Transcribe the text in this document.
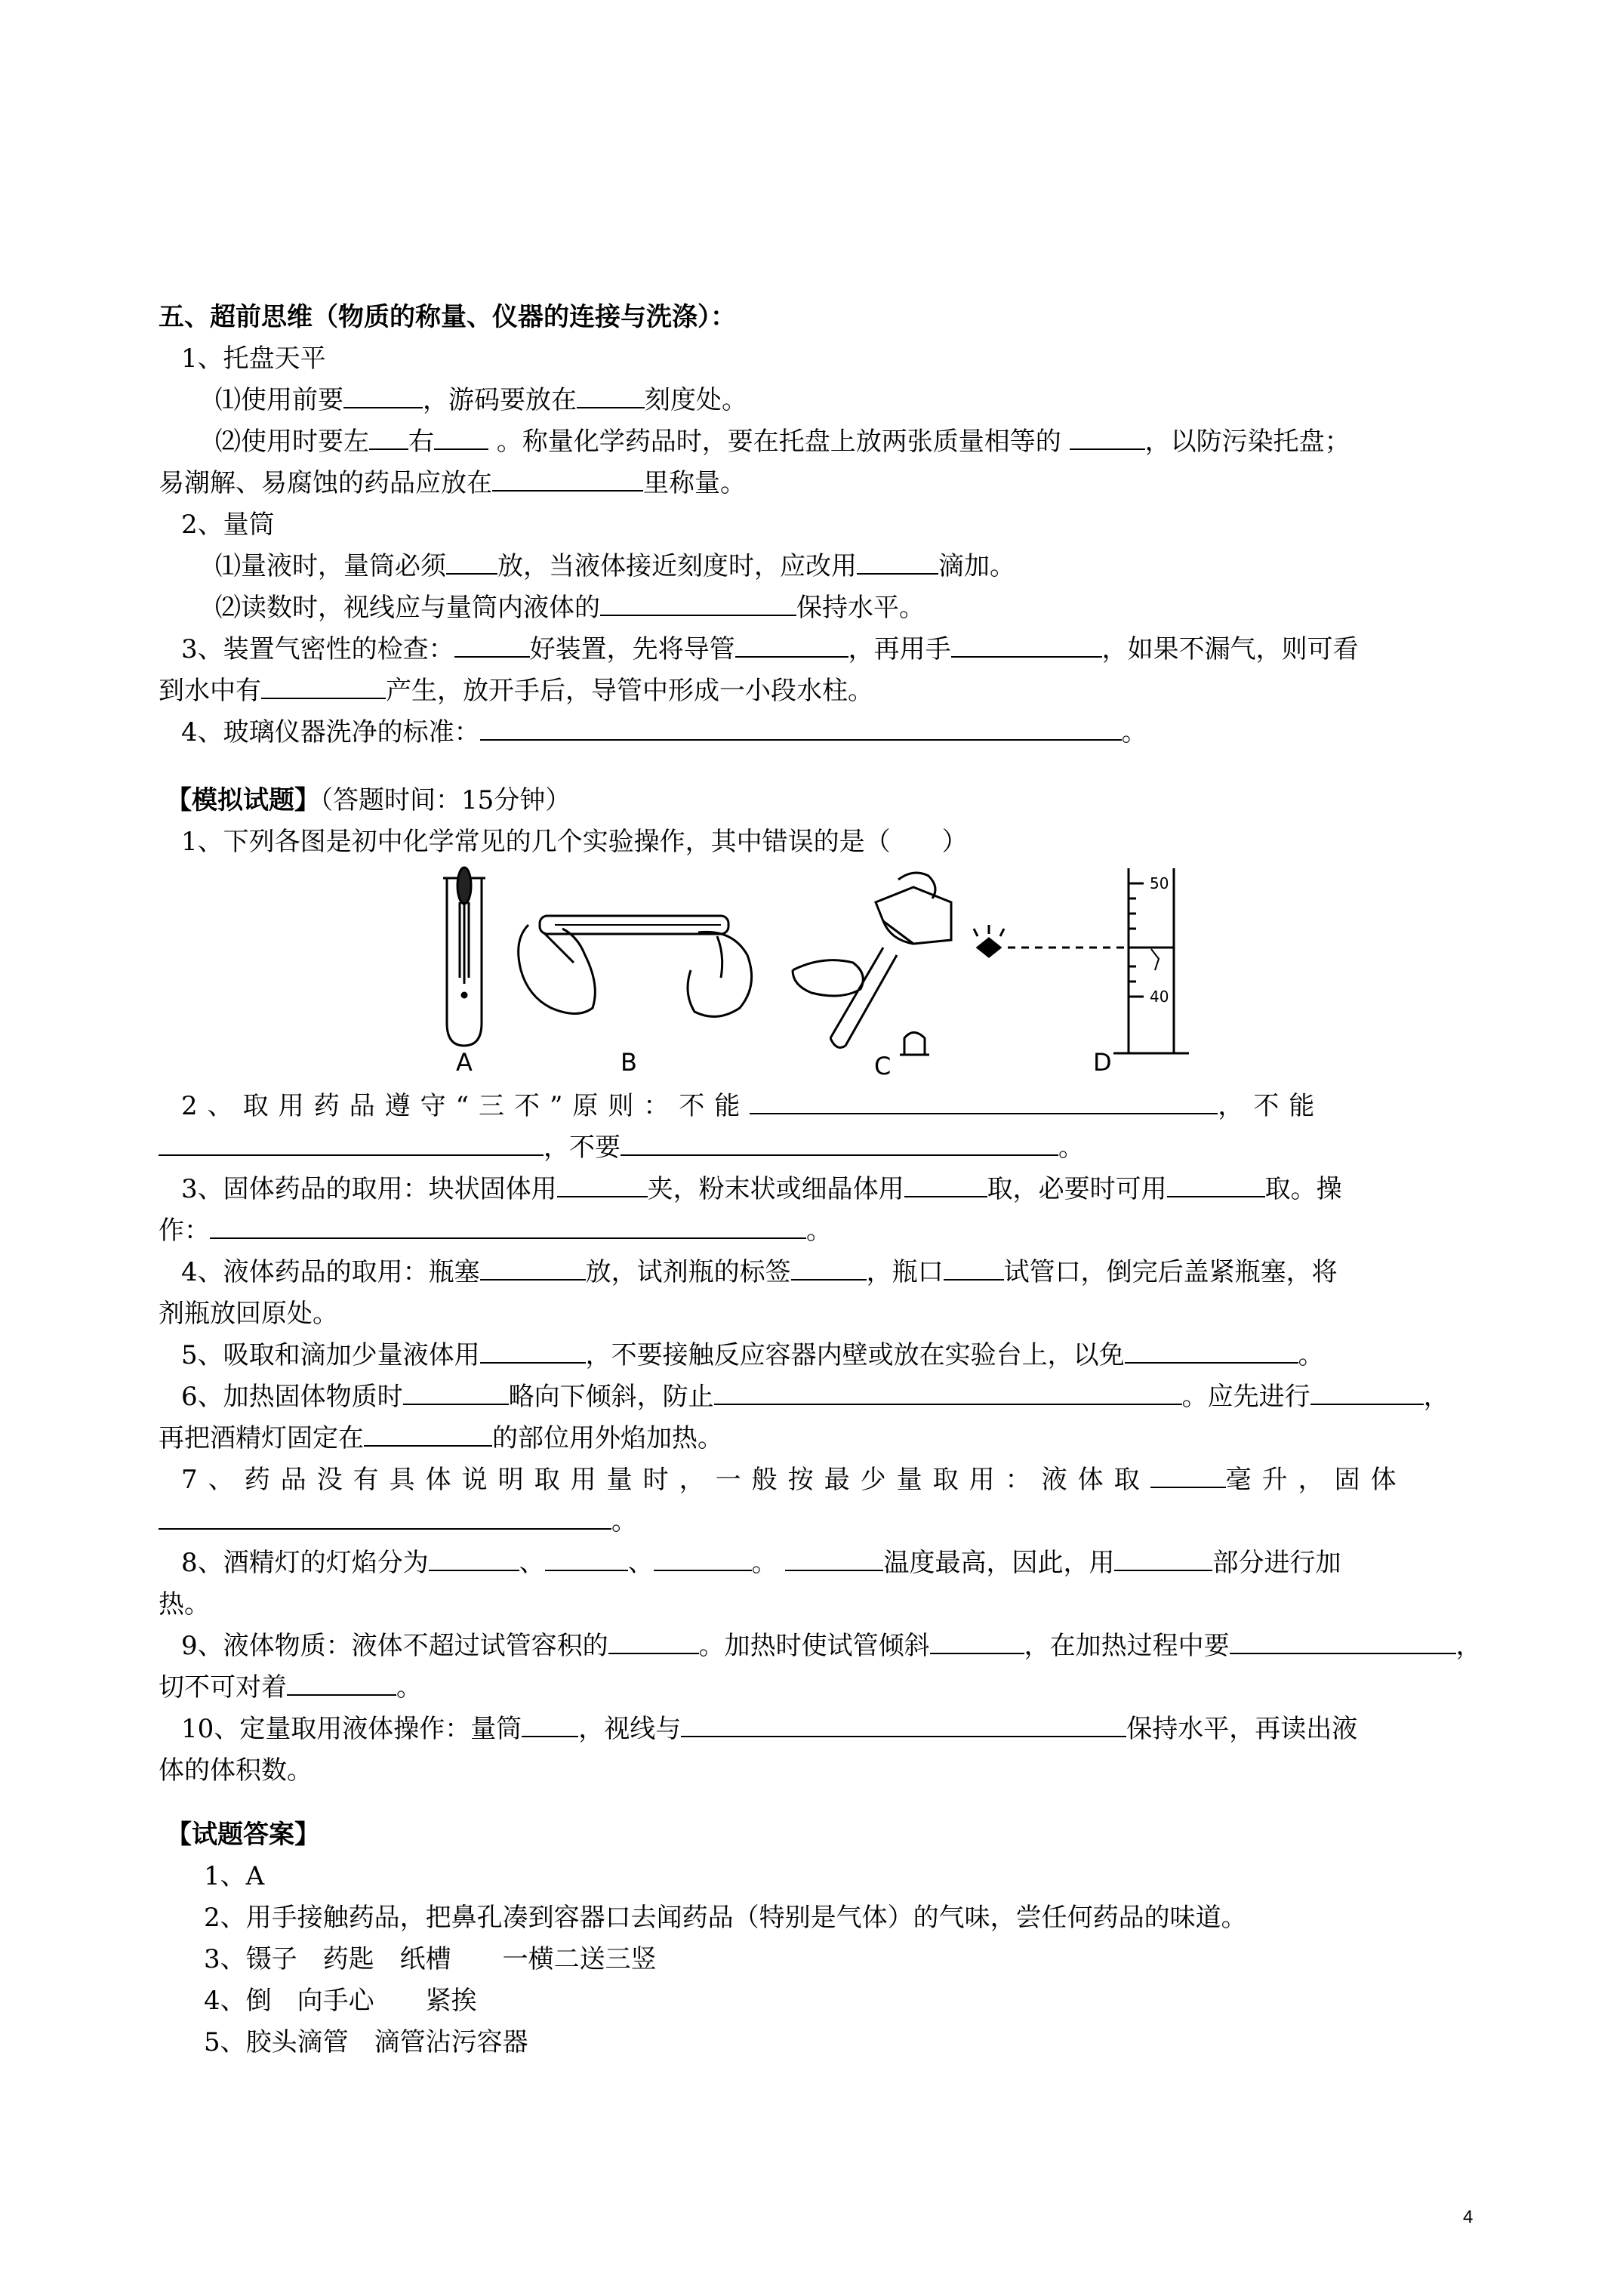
五、超前思维（物质的称量、仪器的连接与洗涤）：
1、托盘天平
⑴使用前要	，游码要放在	刻度处。
⑵使用时要左 右 。称量化学药品时，要在托盘上放两张质量相等的	，以防污染托盘；
易潮解、易腐蚀的药品应放在	里称量。
2、量筒
⑴量液时，量筒必须 放，当液体接近刻度时，应改用	滴加。
⑵读数时，视线应与量筒内液体的	保持水平。
3、装置气密性的检查：	好装置，先将导管	，再用手	，如果不漏气，则可看
到水中有	产生，放开手后，导管中形成一小段水柱。
4、玻璃仪器洗净的标准：	。
【模拟试题】（答题时间：15分钟）
1、下列各图是初中化学常见的几个实验操作，其中错误的是（　　）
50
40
A	B	C	D
2、取用药品遵守“三不”原则：不能	，不能
，不要	。
3、固体药品的取用：块状固体用	夹，粉末状或细晶体用	取，必要时可用	取。操
作：	。
4、液体药品的取用：瓶塞	放，试剂瓶的标签	，瓶口 试管口，倒完后盖紧瓶塞，将
剂瓶放回原处。
5、吸取和滴加少量液体用	，不要接触反应容器内壁或放在实验台上，以免	。
6、加热固体物质时	略向下倾斜，防止	。应先进行	，
再把酒精灯固定在	的部位用外焰加热。
7、药品没有具体说明取用量时，一般按最少量取用：液体取	毫升，固体
。
8、酒精灯的灯焰分为	、	、	。	温度最高，因此，用	部分进行加
热。
9、液体物质：液体不超过试管容积的	。加热时使试管倾斜	，在加热过程中要	，
切不可对着	。
10、定量取用液体操作：量筒 ，视线与	保持水平，再读出液
体的体积数。
【试题答案】
1、A
2、用手接触药品，把鼻孔凑到容器口去闻药品（特别是气体）的气味，尝任何药品的味道。
3、镊子　药匙　纸槽　　一横二送三竖
4、倒　向手心　　紧挨
5、胶头滴管　滴管沾污容器
4
